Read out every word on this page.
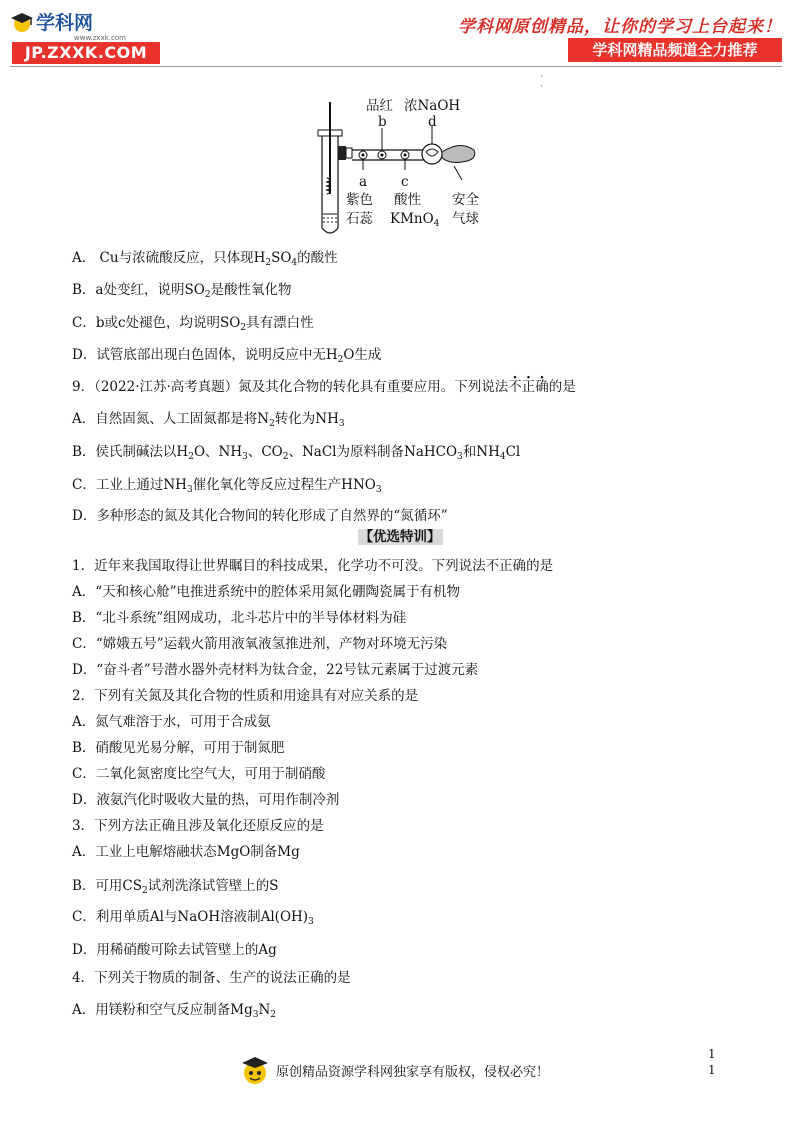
学科网
www.zxxk.com
JP.ZXXK.COM
学科网原创精品，让你的学习上台起来！
学科网精品频道全力推荐
·
·
品红 浓NaOH
b	d
a	c
紫色
石蕊
酸性
KMnO$_4$
安全
气球
A． Cu与浓硫酸反应，只体现$H_2SO_4$的酸性
B．a处变红，说明$SO_2$是酸性氧化物
C．b或c处褪色，均说明$SO_2$具有漂白性
D．试管底部出现白色固体，说明反应中无$H_2O$生成
9．（2022·江苏·高考真题）氮及其化合物的转化具有重要应用。下列说法不正确的是
A．自然固氮、人工固氮都是将$N_2$转化为$NH_3$
B．侯氏制碱法以$H_2O$、$NH_3$、$CO_2$、NaCl为原料制备NaHCO$_3$和$NH_4Cl$
C．工业上通过$NH_3$催化氧化等反应过程生产$HNO_3$
D．多种形态的氮及其化合物间的转化形成了自然界的“氮循环”
【优选特训】
1．近年来我国取得让世界瞩目的科技成果，化学功不可没。下列说法不正确的是
A．“天和核心舱”电推进系统中的腔体采用氮化硼陶瓷属于有机物
B．“北斗系统”组网成功，北斗芯片中的半导体材料为硅
C．“嫦娥五号”运载火箭用液氧液氢推进剂，产物对环境无污染
D．“奋斗者”号潜水器外壳材料为钛合金，22号钛元素属于过渡元素
2．下列有关氮及其化合物的性质和用途具有对应关系的是
A．氮气难溶于水，可用于合成氨
B．硝酸见光易分解，可用于制氮肥
C．二氧化氮密度比空气大，可用于制硝酸
D．液氨汽化时吸收大量的热，可用作制冷剂
3．下列方法正确且涉及氧化还原反应的是
A．工业上电解熔融状态MgO制备Mg
B．可用$CS_2$试剂洗涤试管壁上的S
C．利用单质Al与NaOH溶液制$Al(OH)_3$
D．用稀硝酸可除去试管壁上的Ag
4．下列关于物质的制备、生产的说法正确的是
A．用镁粉和空气反应制备$Mg_3N_2$
原创精品资源学科网独家享有版权，侵权必究！
1
1
